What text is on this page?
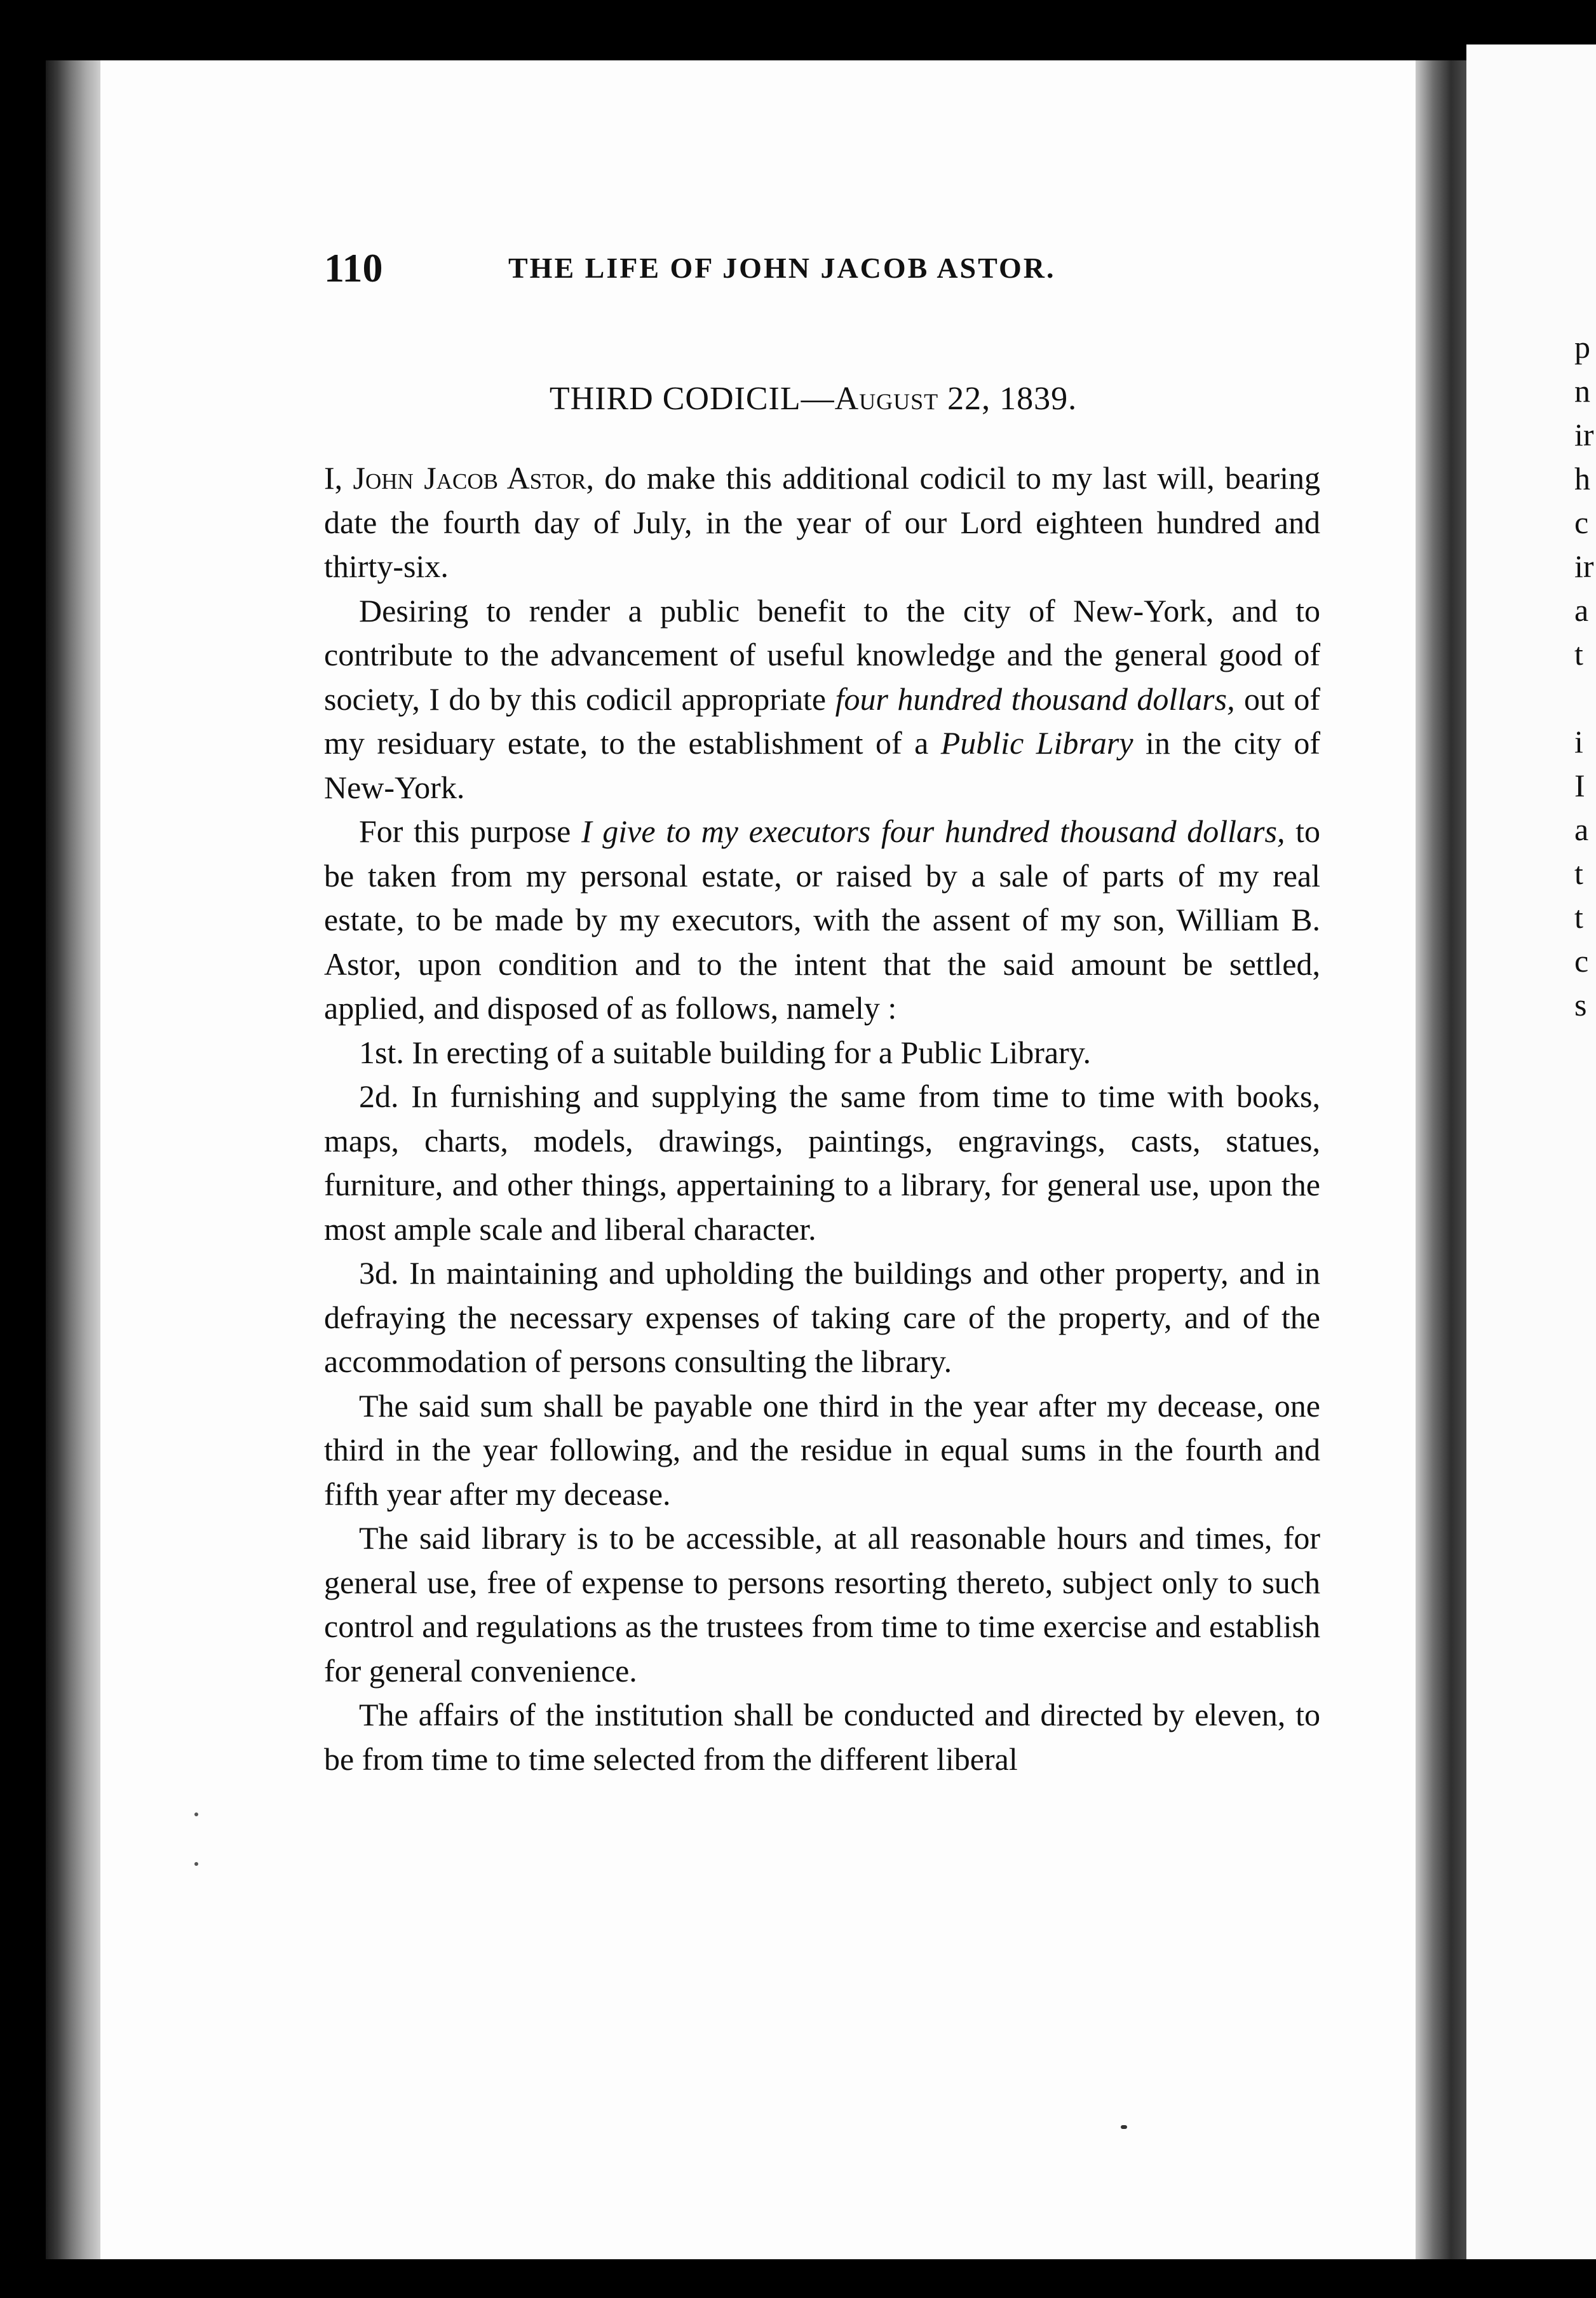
p
n
ir
h
c
ir
a
t
i
I
a
t
t
c
s
110	THE LIFE OF JOHN JACOB ASTOR.
THIRD CODICIL—August 22, 1839.

I, John Jacob Astor, do make this additional codicil to my last will, bearing date the fourth day of July, in the year of our Lord eighteen hundred and thirty-six.

Desiring to render a public benefit to the city of New-York, and to contribute to the advancement of useful knowledge and the general good of society, I do by this codicil appropriate four hundred thousand dollars, out of my residuary estate, to the establishment of a Public Library in the city of New-York.

For this purpose I give to my executors four hundred thousand dollars, to be taken from my personal estate, or raised by a sale of parts of my real estate, to be made by my executors, with the assent of my son, William B. Astor, upon condition and to the intent that the said amount be settled, applied, and disposed of as follows, namely :

1st. In erecting of a suitable building for a Public Library.

2d. In furnishing and supplying the same from time to time with books, maps, charts, models, drawings, paintings, engravings, casts, statues, furniture, and other things, appertaining to a library, for general use, upon the most ample scale and liberal character.

3d. In maintaining and upholding the buildings and other property, and in defraying the necessary expenses of taking care of the property, and of the accommodation of persons consulting the library.

The said sum shall be payable one third in the year after my decease, one third in the year following, and the residue in equal sums in the fourth and fifth year after my decease.

The said library is to be accessible, at all reasonable hours and times, for general use, free of expense to persons resorting thereto, subject only to such control and regulations as the trustees from time to time exercise and establish for general convenience.

The affairs of the institution shall be conducted and directed by eleven, to be from time to time selected from the different liberal
